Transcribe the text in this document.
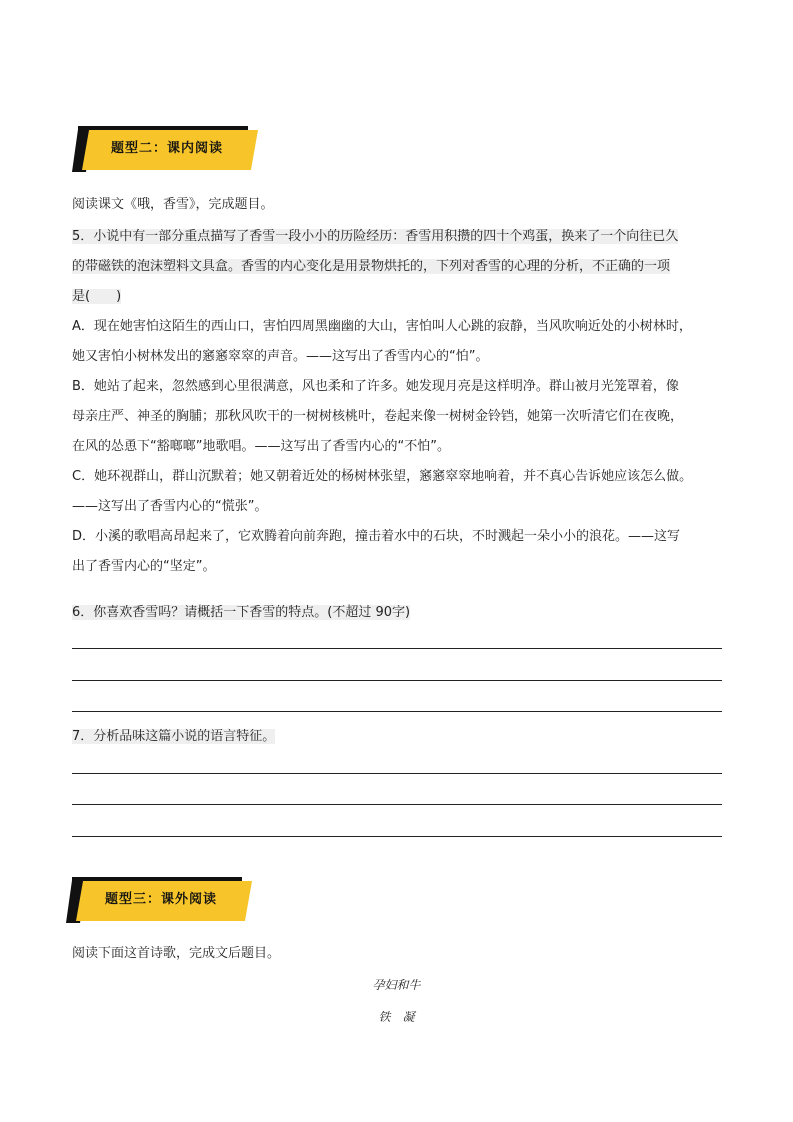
题型二：课内阅读

阅读课文《哦，香雪》，完成题目。

5．小说中有一部分重点描写了香雪一段小小的历险经历：香雪用积攒的四十个鸡蛋，换来了一个向往已久

的带磁铁的泡沫塑料文具盒。香雪的内心变化是用景物烘托的，下列对香雪的心理的分析，不正确的一项

是(　　)

A．现在她害怕这陌生的西山口，害怕四周黑幽幽的大山，害怕叫人心跳的寂静，当风吹响近处的小树林时，

她又害怕小树林发出的窸窸窣窣的声音。——这写出了香雪内心的“怕”。

B．她站了起来，忽然感到心里很满意，风也柔和了许多。她发现月亮是这样明净。群山被月光笼罩着，像

母亲庄严、神圣的胸脯；那秋风吹干的一树树核桃叶，卷起来像一树树金铃铛，她第一次听清它们在夜晚，

在风的怂恿下“豁啷啷”地歌唱。——这写出了香雪内心的“不怕”。

C．她环视群山，群山沉默着；她又朝着近处的杨树林张望，窸窸窣窣地响着，并不真心告诉她应该怎么做。

——这写出了香雪内心的“慌张”。

D．小溪的歌唱高昂起来了，它欢腾着向前奔跑，撞击着水中的石块，不时溅起一朵小小的浪花。——这写

出了香雪内心的“坚定”。

6．你喜欢香雪吗？请概括一下香雪的特点。(不超过 90字)

7．分析品味这篇小说的语言特征。

题型三：课外阅读

阅读下面这首诗歌，完成文后题目。

孕妇和牛
铁　凝
